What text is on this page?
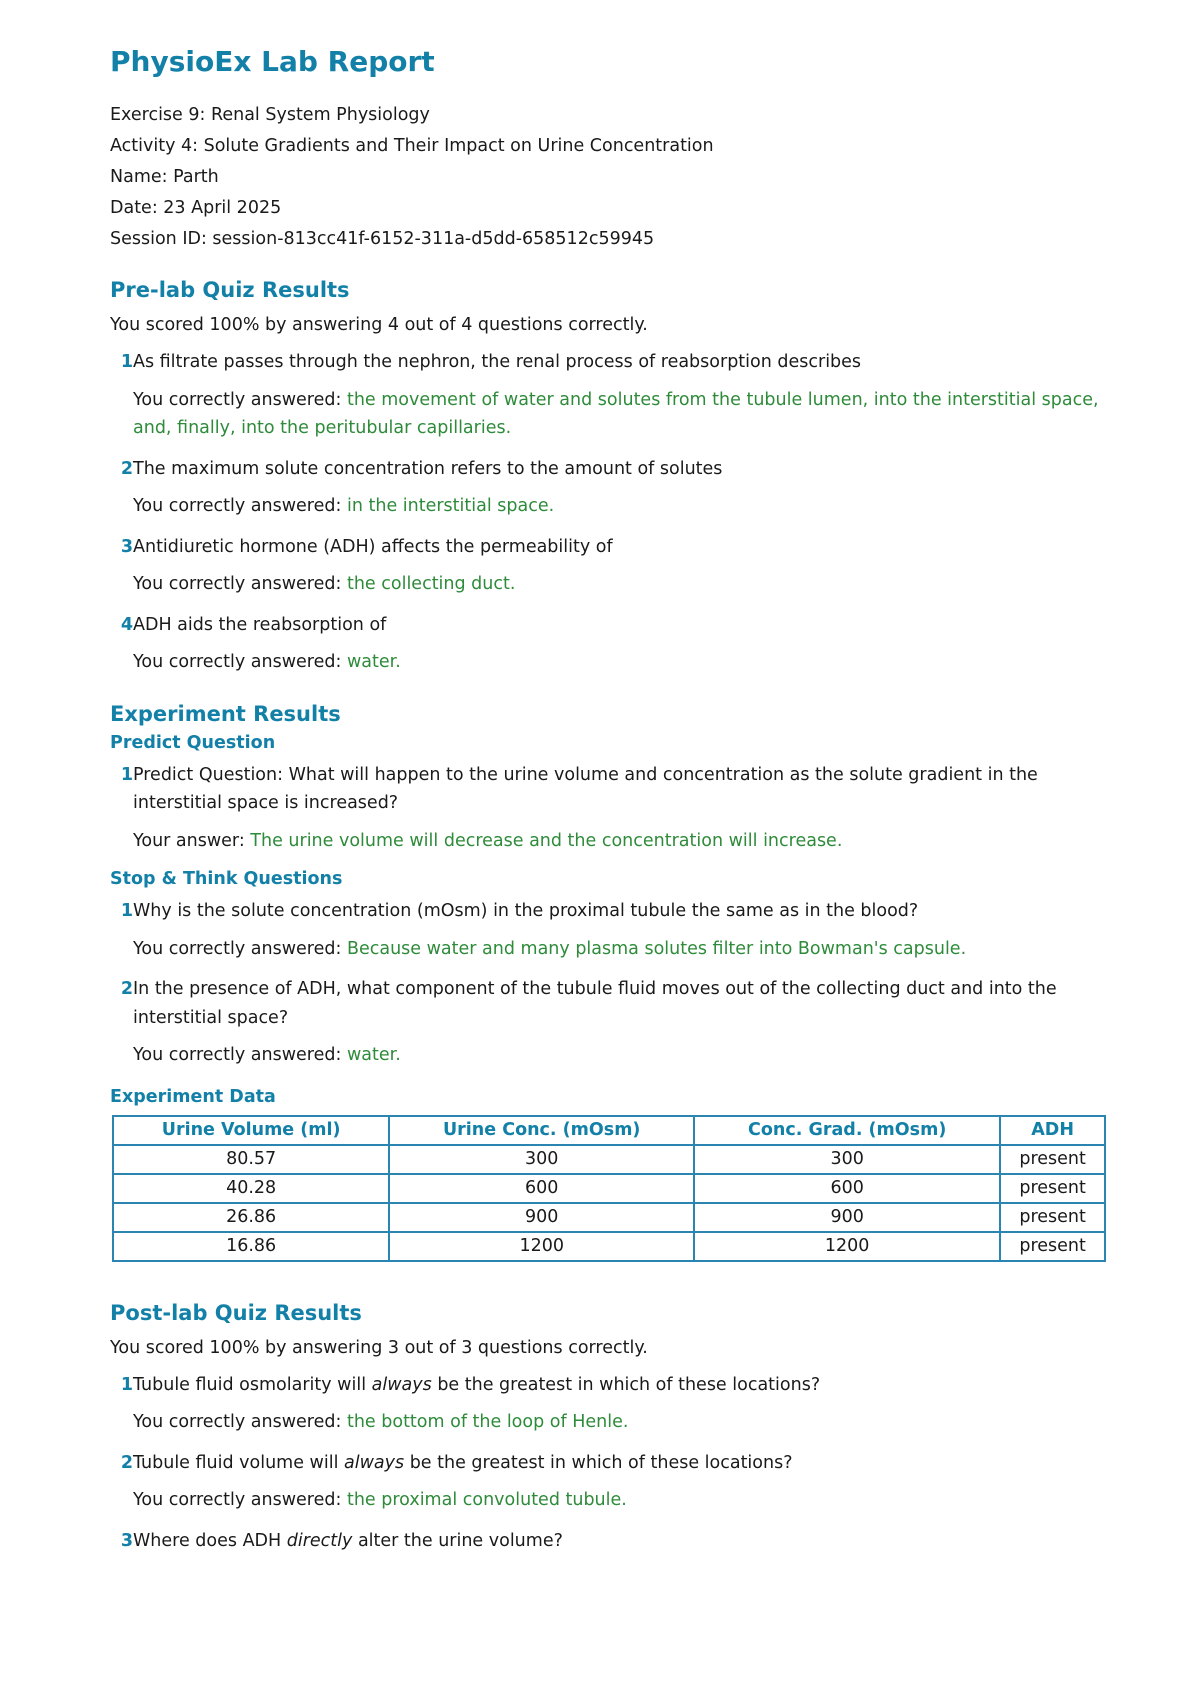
PhysioEx Lab Report

Exercise 9: Renal System Physiology

Activity 4: Solute Gradients and Their Impact on Urine Concentration

Name: Parth

Date: 23 April 2025

Session ID: session-813cc41f-6152-311a-d5dd-658512c59945

Pre-lab Quiz Results

You scored 100% by answering 4 out of 4 questions correctly.

1 As filtrate passes through the nephron, the renal process of reabsorption describes
You correctly answered: the movement of water and solutes from the tubule lumen, into the interstitial space, and, finally, into the peritubular capillaries.
2 The maximum solute concentration refers to the amount of solutes
You correctly answered: in the interstitial space.
3 Antidiuretic hormone (ADH) affects the permeability of
You correctly answered: the collecting duct.
4 ADH aids the reabsorption of
You correctly answered: water.
Experiment Results
Predict Question
1 Predict Question: What will happen to the urine volume and concentration as the solute gradient in the interstitial space is increased?
Your answer: The urine volume will decrease and the concentration will increase.
Stop & Think Questions
1 Why is the solute concentration (mOsm) in the proximal tubule the same as in the blood?
You correctly answered: Because water and many plasma solutes filter into Bowman's capsule.
2 In the presence of ADH, what component of the tubule fluid moves out of the collecting duct and into the interstitial space?
You correctly answered: water.
Experiment Data
Urine Volume (ml)	Urine Conc. (mOsm)	Conc. Grad. (mOsm)	ADH
80.57	300	300	present
40.28	600	600	present
26.86	900	900	present
16.86	1200	1200	present
Post-lab Quiz Results

You scored 100% by answering 3 out of 3 questions correctly.

1 Tubule fluid osmolarity will always be the greatest in which of these locations?
You correctly answered: the bottom of the loop of Henle.
2 Tubule fluid volume will always be the greatest in which of these locations?
You correctly answered: the proximal convoluted tubule.
3 Where does ADH directly alter the urine volume?
